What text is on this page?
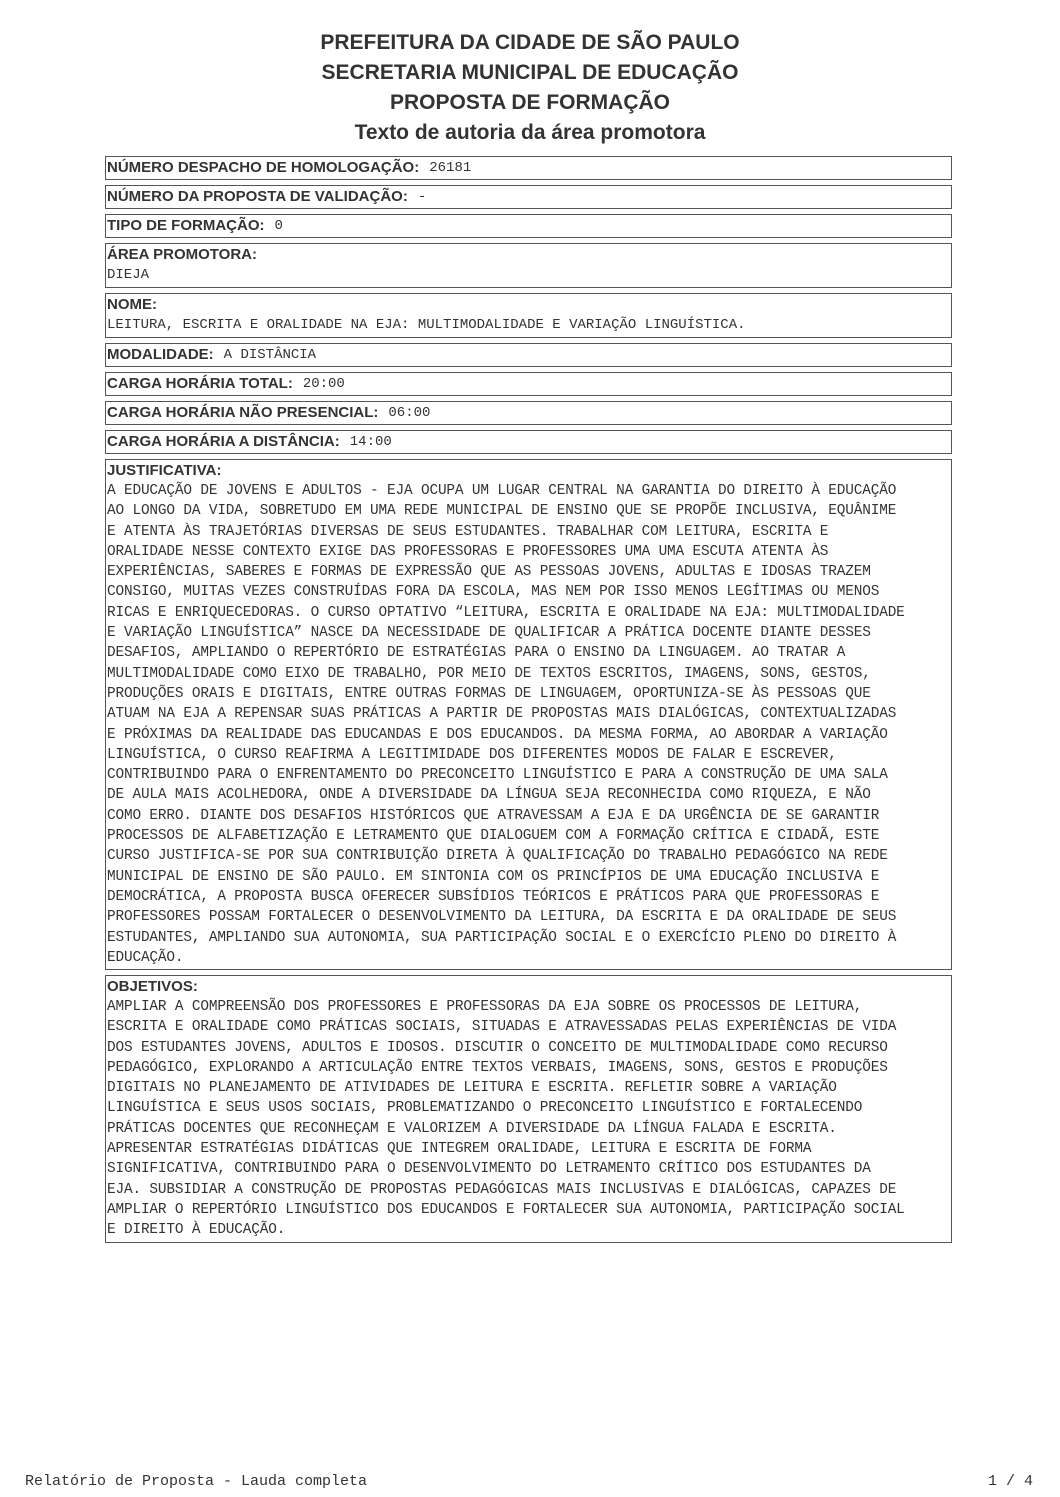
PREFEITURA DA CIDADE DE SÃO PAULO
SECRETARIA MUNICIPAL DE EDUCAÇÃO
PROPOSTA DE FORMAÇÃO
Texto de autoria da área promotora
NÚMERO DESPACHO DE HOMOLOGAÇÃO: 26181
NÚMERO DA PROPOSTA DE VALIDAÇÃO: -
TIPO DE FORMAÇÃO: 0
ÁREA PROMOTORA:
DIEJA
NOME:
LEITURA, ESCRITA E ORALIDADE NA EJA: MULTIMODALIDADE E VARIAÇÃO LINGUÍSTICA.
MODALIDADE: A DISTÂNCIA
CARGA HORÁRIA TOTAL: 20:00
CARGA HORÁRIA NÃO PRESENCIAL: 06:00
CARGA HORÁRIA A DISTÂNCIA: 14:00
JUSTIFICATIVA:

A EDUCAÇÃO DE JOVENS E ADULTOS - EJA OCUPA UM LUGAR CENTRAL NA GARANTIA DO DIREITO À EDUCAÇÃO
AO LONGO DA VIDA, SOBRETUDO EM UMA REDE MUNICIPAL DE ENSINO QUE SE PROPÕE INCLUSIVA, EQUÂNIME
E ATENTA ÀS TRAJETÓRIAS DIVERSAS DE SEUS ESTUDANTES. TRABALHAR COM LEITURA, ESCRITA E
ORALIDADE NESSE CONTEXTO EXIGE DAS PROFESSORAS E PROFESSORES UMA UMA ESCUTA ATENTA ÀS
EXPERIÊNCIAS, SABERES E FORMAS DE EXPRESSÃO QUE AS PESSOAS JOVENS, ADULTAS E IDOSAS TRAZEM
CONSIGO, MUITAS VEZES CONSTRUÍDAS FORA DA ESCOLA, MAS NEM POR ISSO MENOS LEGÍTIMAS OU MENOS
RICAS E ENRIQUECEDORAS. O CURSO OPTATIVO “LEITURA, ESCRITA E ORALIDADE NA EJA: MULTIMODALIDADE
E VARIAÇÃO LINGUÍSTICA” NASCE DA NECESSIDADE DE QUALIFICAR A PRÁTICA DOCENTE DIANTE DESSES
DESAFIOS, AMPLIANDO O REPERTÓRIO DE ESTRATÉGIAS PARA O ENSINO DA LINGUAGEM. AO TRATAR A
MULTIMODALIDADE COMO EIXO DE TRABALHO, POR MEIO DE TEXTOS ESCRITOS, IMAGENS, SONS, GESTOS,
PRODUÇÕES ORAIS E DIGITAIS, ENTRE OUTRAS FORMAS DE LINGUAGEM, OPORTUNIZA-SE ÀS PESSOAS QUE
ATUAM NA EJA A REPENSAR SUAS PRÁTICAS A PARTIR DE PROPOSTAS MAIS DIALÓGICAS, CONTEXTUALIZADAS
E PRÓXIMAS DA REALIDADE DAS EDUCANDAS E DOS EDUCANDOS. DA MESMA FORMA, AO ABORDAR A VARIAÇÃO
LINGUÍSTICA, O CURSO REAFIRMA A LEGITIMIDADE DOS DIFERENTES MODOS DE FALAR E ESCREVER,
CONTRIBUINDO PARA O ENFRENTAMENTO DO PRECONCEITO LINGUÍSTICO E PARA A CONSTRUÇÃO DE UMA SALA
DE AULA MAIS ACOLHEDORA, ONDE A DIVERSIDADE DA LÍNGUA SEJA RECONHECIDA COMO RIQUEZA, E NÃO
COMO ERRO. DIANTE DOS DESAFIOS HISTÓRICOS QUE ATRAVESSAM A EJA E DA URGÊNCIA DE SE GARANTIR
PROCESSOS DE ALFABETIZAÇÃO E LETRAMENTO QUE DIALOGUEM COM A FORMAÇÃO CRÍTICA E CIDADÃ, ESTE
CURSO JUSTIFICA-SE POR SUA CONTRIBUIÇÃO DIRETA À QUALIFICAÇÃO DO TRABALHO PEDAGÓGICO NA REDE
MUNICIPAL DE ENSINO DE SÃO PAULO. EM SINTONIA COM OS PRINCÍPIOS DE UMA EDUCAÇÃO INCLUSIVA E
DEMOCRÁTICA, A PROPOSTA BUSCA OFERECER SUBSÍDIOS TEÓRICOS E PRÁTICOS PARA QUE PROFESSORAS E
PROFESSORES POSSAM FORTALECER O DESENVOLVIMENTO DA LEITURA, DA ESCRITA E DA ORALIDADE DE SEUS
ESTUDANTES, AMPLIANDO SUA AUTONOMIA, SUA PARTICIPAÇÃO SOCIAL E O EXERCÍCIO PLENO DO DIREITO À
EDUCAÇÃO.

OBJETIVOS:

AMPLIAR A COMPREENSÃO DOS PROFESSORES E PROFESSORAS DA EJA SOBRE OS PROCESSOS DE LEITURA,
ESCRITA E ORALIDADE COMO PRÁTICAS SOCIAIS, SITUADAS E ATRAVESSADAS PELAS EXPERIÊNCIAS DE VIDA
DOS ESTUDANTES JOVENS, ADULTOS E IDOSOS. DISCUTIR O CONCEITO DE MULTIMODALIDADE COMO RECURSO
PEDAGÓGICO, EXPLORANDO A ARTICULAÇÃO ENTRE TEXTOS VERBAIS, IMAGENS, SONS, GESTOS E PRODUÇÕES
DIGITAIS NO PLANEJAMENTO DE ATIVIDADES DE LEITURA E ESCRITA. REFLETIR SOBRE A VARIAÇÃO
LINGUÍSTICA E SEUS USOS SOCIAIS, PROBLEMATIZANDO O PRECONCEITO LINGUÍSTICO E FORTALECENDO
PRÁTICAS DOCENTES QUE RECONHEÇAM E VALORIZEM A DIVERSIDADE DA LÍNGUA FALADA E ESCRITA.
APRESENTAR ESTRATÉGIAS DIDÁTICAS QUE INTEGREM ORALIDADE, LEITURA E ESCRITA DE FORMA
SIGNIFICATIVA, CONTRIBUINDO PARA O DESENVOLVIMENTO DO LETRAMENTO CRÍTICO DOS ESTUDANTES DA
EJA. SUBSIDIAR A CONSTRUÇÃO DE PROPOSTAS PEDAGÓGICAS MAIS INCLUSIVAS E DIALÓGICAS, CAPAZES DE
AMPLIAR O REPERTÓRIO LINGUÍSTICO DOS EDUCANDOS E FORTALECER SUA AUTONOMIA, PARTICIPAÇÃO SOCIAL
E DIREITO À EDUCAÇÃO.

Relatório de Proposta - Lauda completa	1 / 4
